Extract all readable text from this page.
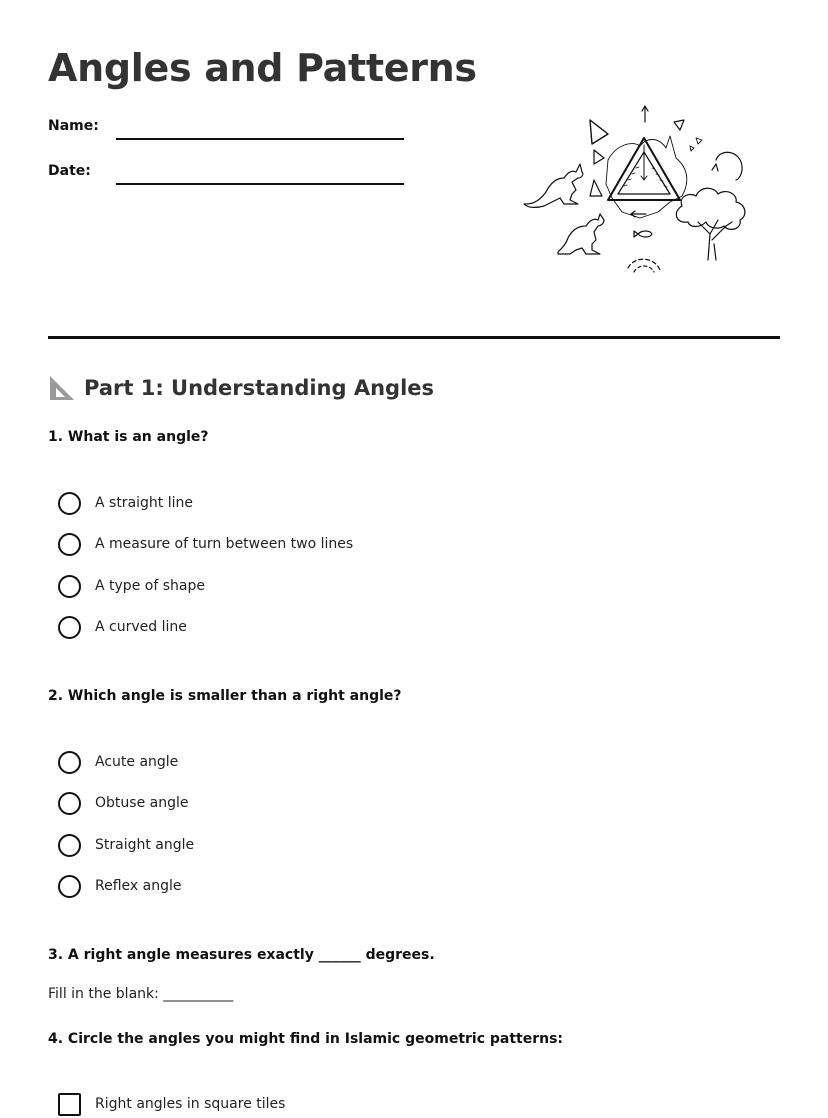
Angles and Patterns
Name:
Date:
Part 1: Understanding Angles
1. What is an angle?
A straight line
A measure of turn between two lines
A type of shape
A curved line
2. Which angle is smaller than a right angle?
Acute angle
Obtuse angle
Straight angle
Reflex angle
3. A right angle measures exactly ______ degrees.
Fill in the blank: __________
4. Circle the angles you might find in Islamic geometric patterns:
Right angles in square tiles
